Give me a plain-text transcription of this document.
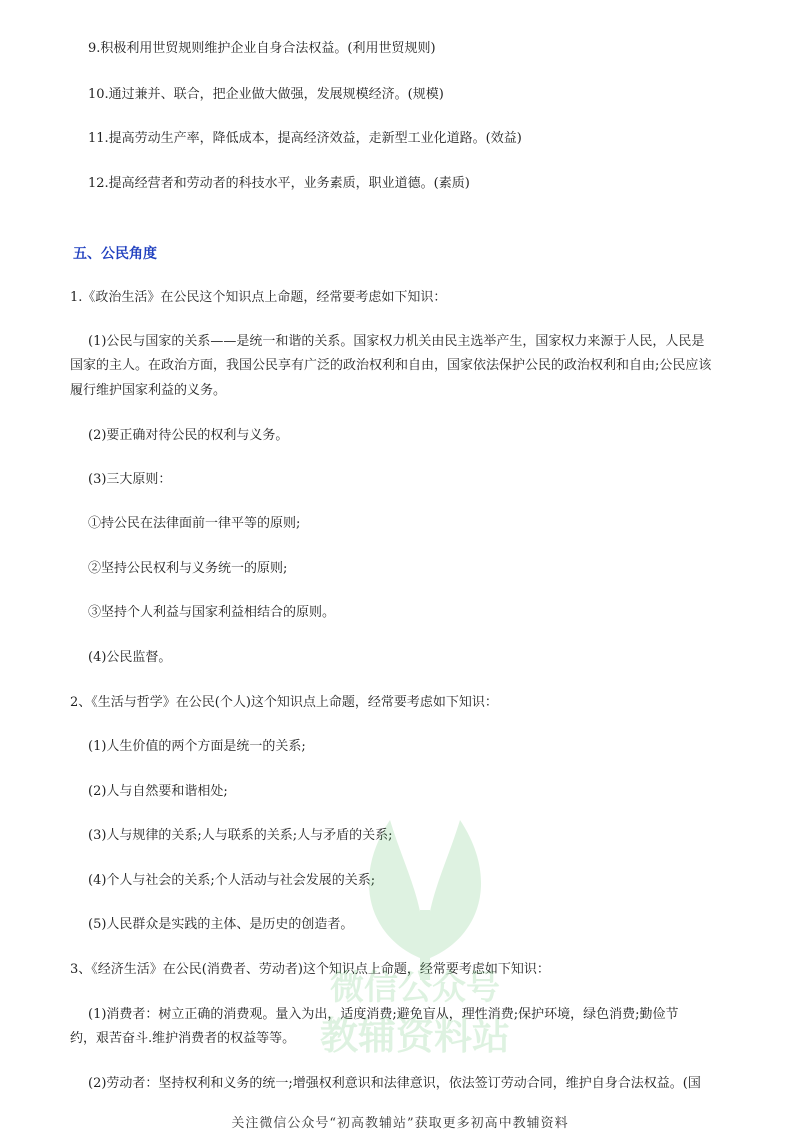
9.积极利用世贸规则维护企业自身合法权益。(利用世贸规则)
10.通过兼并、联合，把企业做大做强，发展规模经济。(规模)
11.提高劳动生产率，降低成本，提高经济效益，走新型工业化道路。(效益)
12.提高经营者和劳动者的科技水平，业务素质，职业道德。(素质)
五、公民角度
1.《政治生活》在公民这个知识点上命题，经常要考虑如下知识：
(1)公民与国家的关系——是统一和谐的关系。国家权力机关由民主选举产生，国家权力来源于人民，人民是
国家的主人。在政治方面，我国公民享有广泛的政治权利和自由，国家依法保护公民的政治权利和自由;公民应该
履行维护国家利益的义务。
(2)要正确对待公民的权利与义务。
(3)三大原则：
①持公民在法律面前一律平等的原则;
②坚持公民权利与义务统一的原则;
③坚持个人利益与国家利益相结合的原则。
(4)公民监督。
2、《生活与哲学》在公民(个人)这个知识点上命题，经常要考虑如下知识：
(1)人生价值的两个方面是统一的关系;
(2)人与自然要和谐相处;
(3)人与规律的关系;人与联系的关系;人与矛盾的关系;
(4)个人与社会的关系;个人活动与社会发展的关系;
(5)人民群众是实践的主体、是历史的创造者。
3、《经济生活》在公民(消费者、劳动者)这个知识点上命题，经常要考虑如下知识：
(1)消费者：树立正确的消费观。量入为出，适度消费;避免盲从，理性消费;保护环境，绿色消费;勤俭节
约，艰苦奋斗.维护消费者的权益等等。
(2)劳动者：坚持权利和义务的统一;增强权利意识和法律意识，依法签订劳动合同，维护自身合法权益。(国
微信公众号
教辅资料站
关注微信公众号“初高教辅站”获取更多初高中教辅资料
